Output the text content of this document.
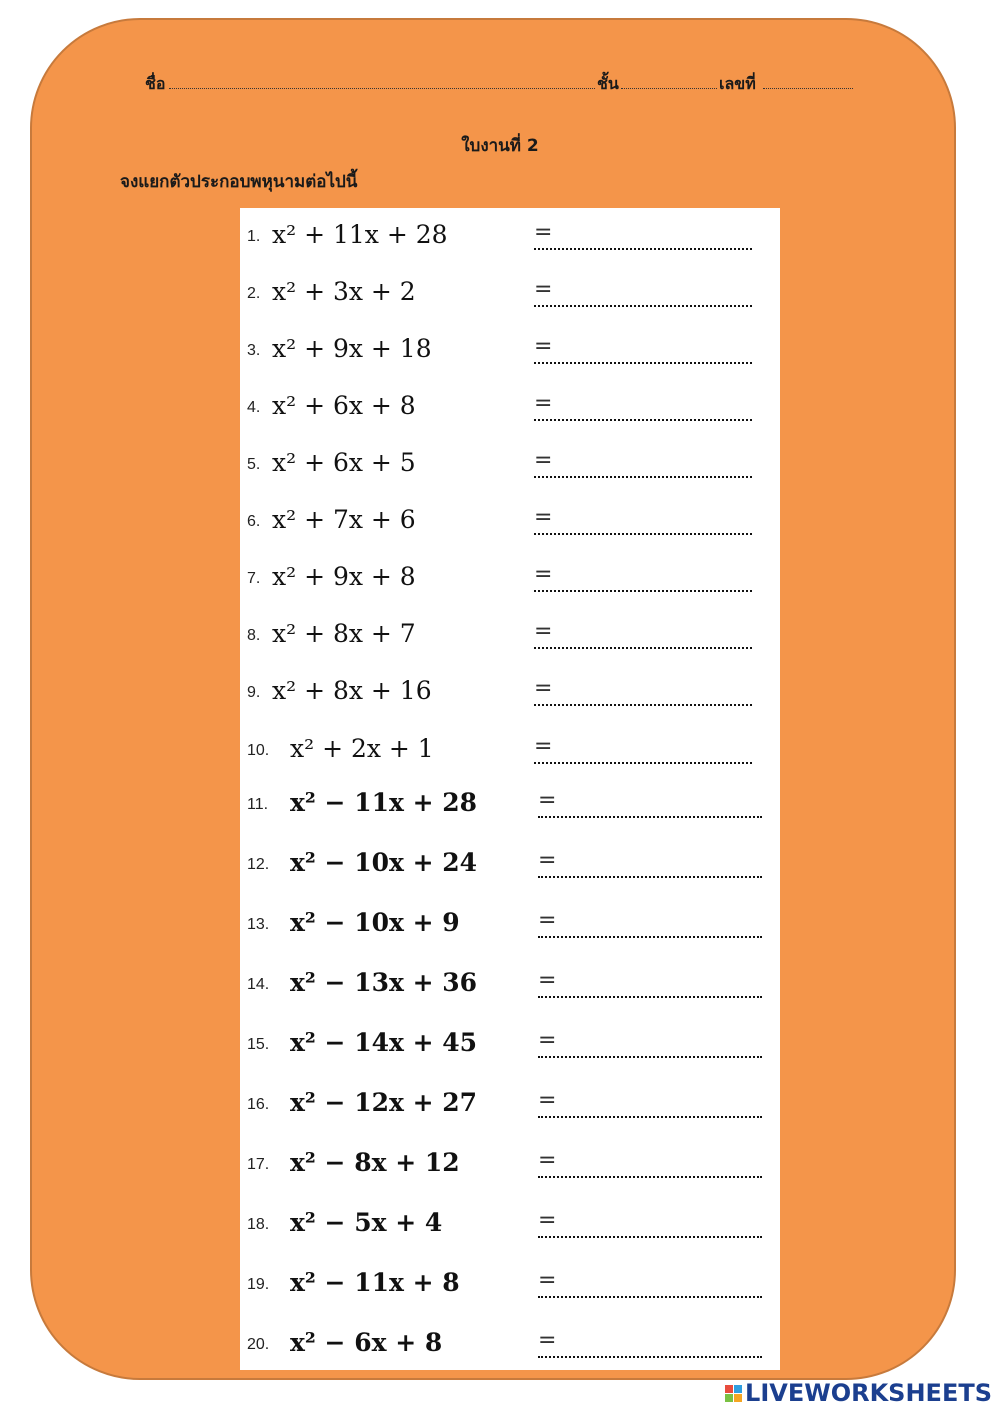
ชื่อ	ชั้น	เลขที่
ใบงานที่ 2
จงแยกตัวประกอบพหุนามต่อไปนี้
1. x² + 11x + 28	=
2. x² + 3x + 2	=
3. x² + 9x + 18	=
4. x² + 6x + 8	=
5. x² + 6x + 5	=
6. x² + 7x + 6	=
7. x² + 9x + 8	=
8. x² + 8x + 7	=
9. x² + 8x + 16	=
10. x² + 2x + 1	=
11. x² − 11x + 28	=
12. x² − 10x + 24	=
13. x² − 10x + 9	=
14. x² − 13x + 36	=
15. x² − 14x + 45	=
16. x² − 12x + 27	=
17. x² − 8x + 12	=
18. x² − 5x + 4	=
19. x² − 11x + 8	=
20. x² − 6x + 8	=
LIVEWORKSHEETS
